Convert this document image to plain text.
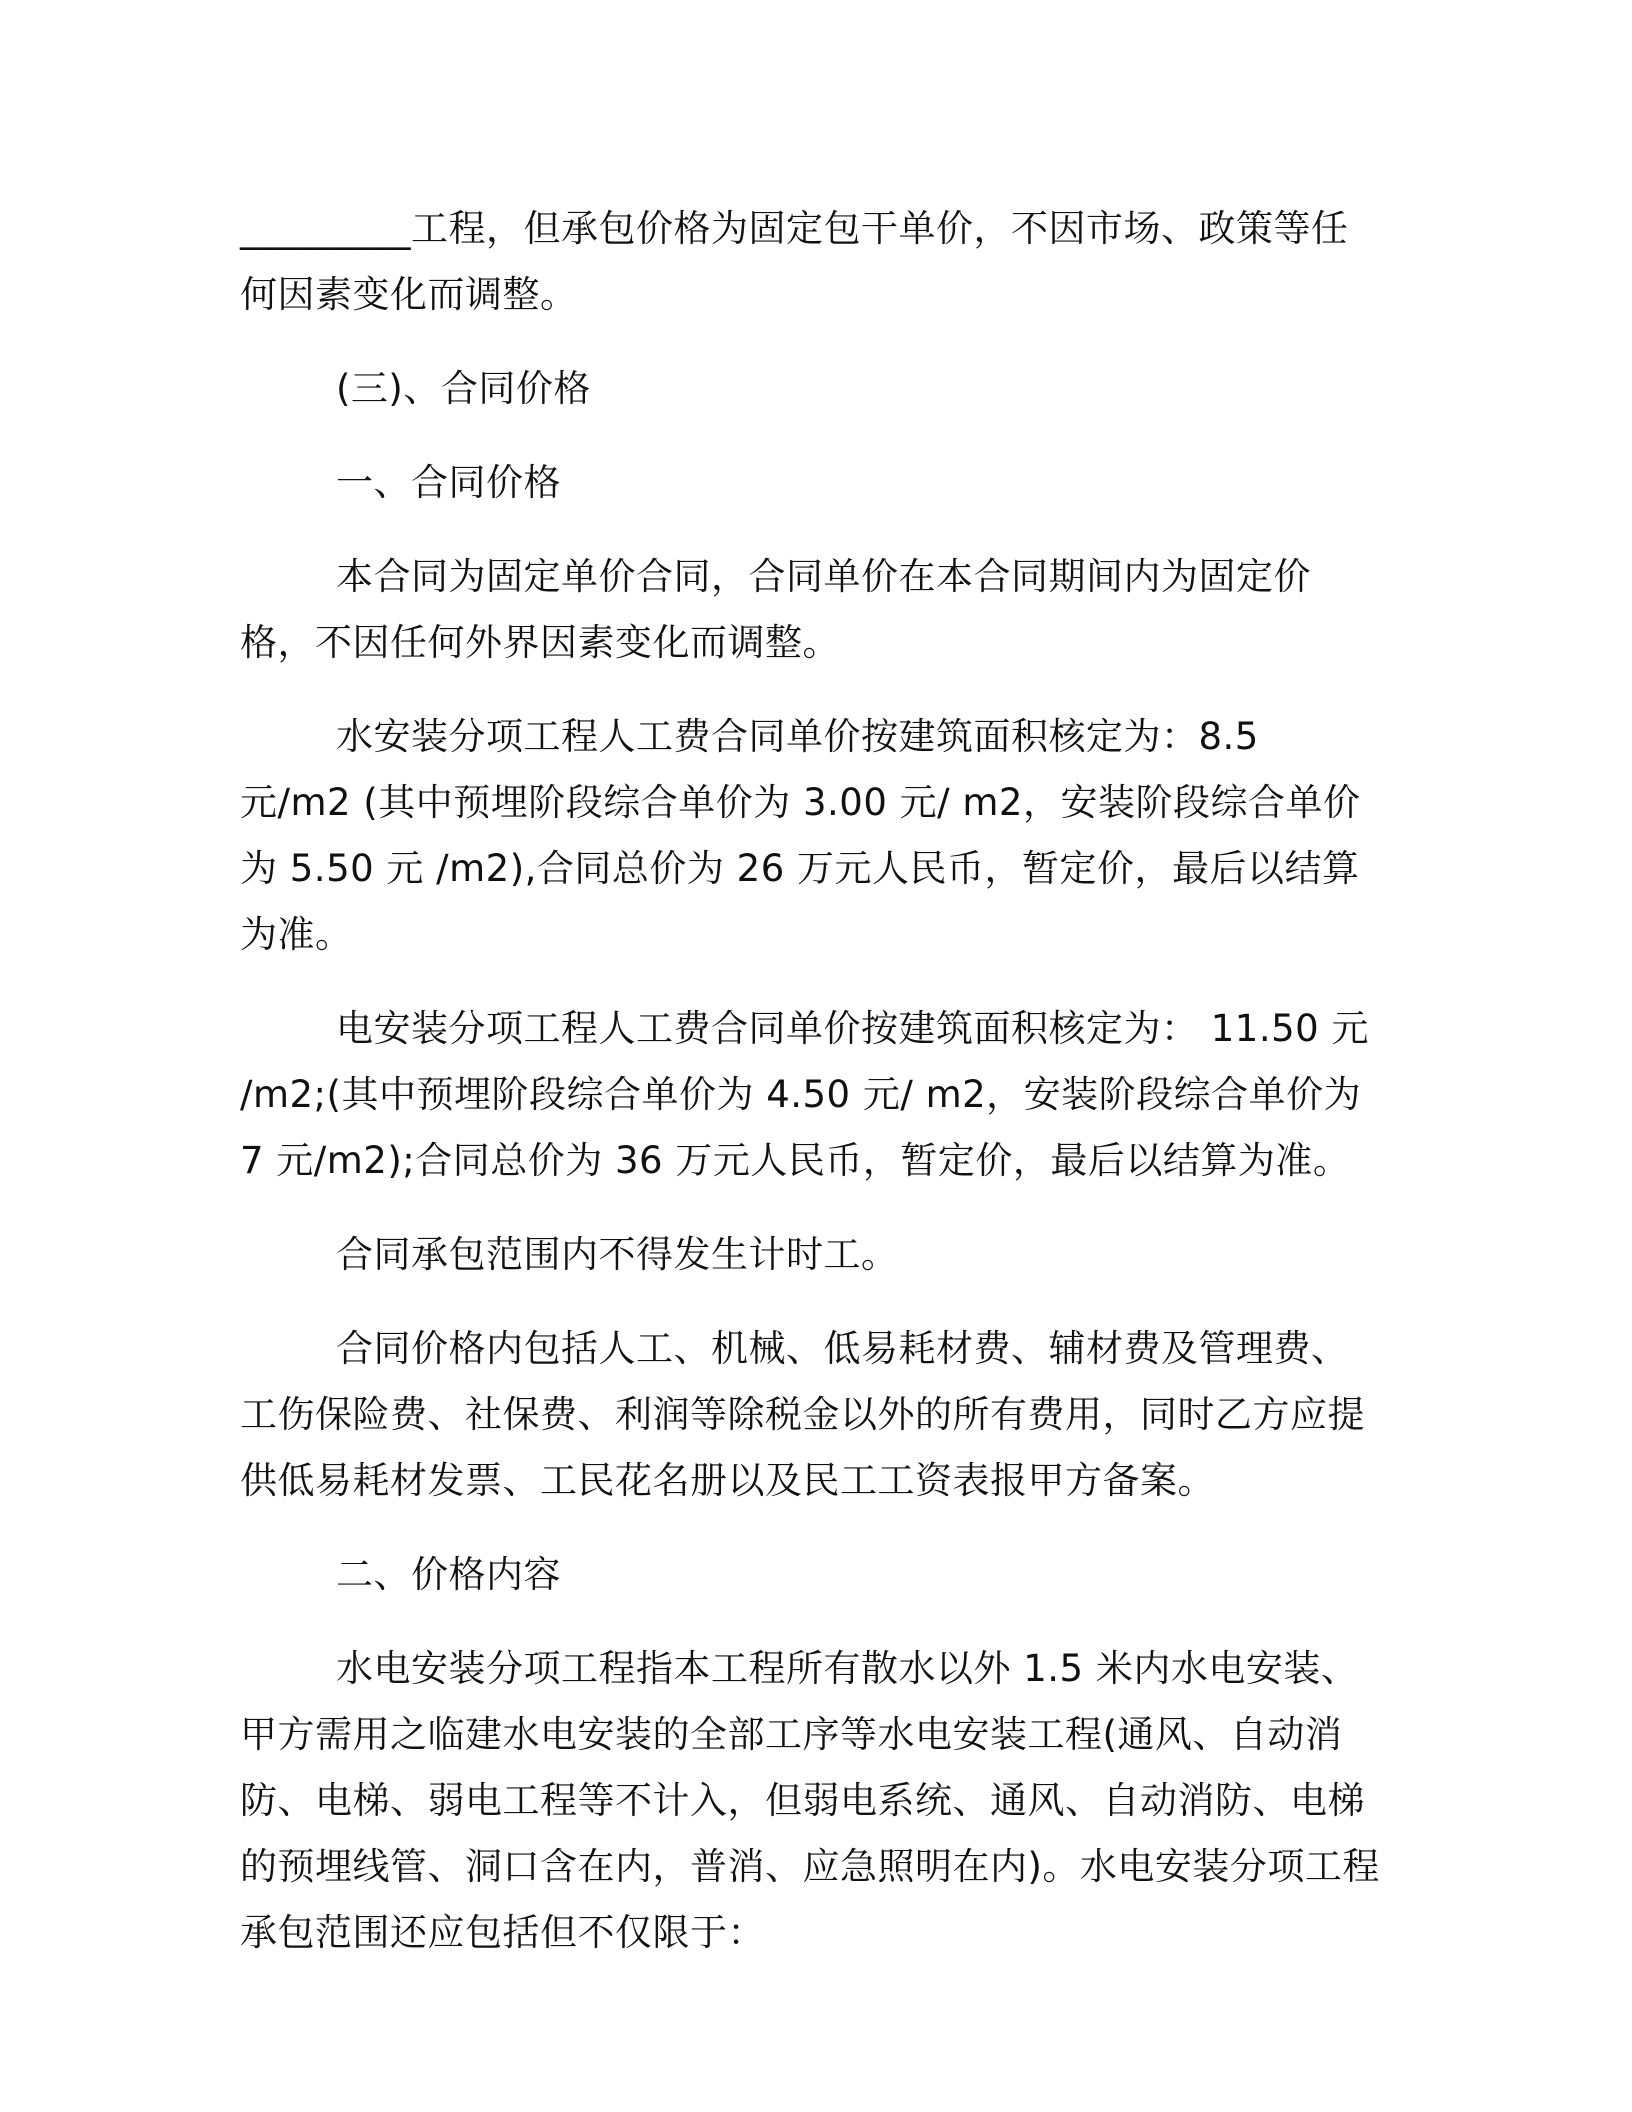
_________工程，但承包价格为固定包干单价，不因市场、政策等任何因素变化而调整。

(三)、合同价格

一、合同价格

本合同为固定单价合同，合同单价在本合同期间内为固定价格，不因任何外界因素变化而调整。

水安装分项工程人工费合同单价按建筑面积核定为：8.5 元/m2 (其中预埋阶段综合单价为 3.00 元/ m2，安装阶段综合单价为 5.50 元 /m2),合同总价为 26 万元人民币，暂定价，最后以结算为准。

电安装分项工程人工费合同单价按建筑面积核定为： 11.50 元 /m2;(其中预埋阶段综合单价为 4.50 元/ m2，安装阶段综合单价为 7 元/m2);合同总价为 36 万元人民币，暂定价，最后以结算为准。

合同承包范围内不得发生计时工。

合同价格内包括人工、机械、低易耗材费、辅材费及管理费、工伤保险费、社保费、利润等除税金以外的所有费用，同时乙方应提供低易耗材发票、工民花名册以及民工工资表报甲方备案。

二、价格内容

水电安装分项工程指本工程所有散水以外 1.5 米内水电安装、甲方需用之临建水电安装的全部工序等水电安装工程(通风、自动消防、电梯、弱电工程等不计入，但弱电系统、通风、自动消防、电梯的预埋线管、洞口含在内，普消、应急照明在内)。水电安装分项工程承包范围还应包括但不仅限于：
